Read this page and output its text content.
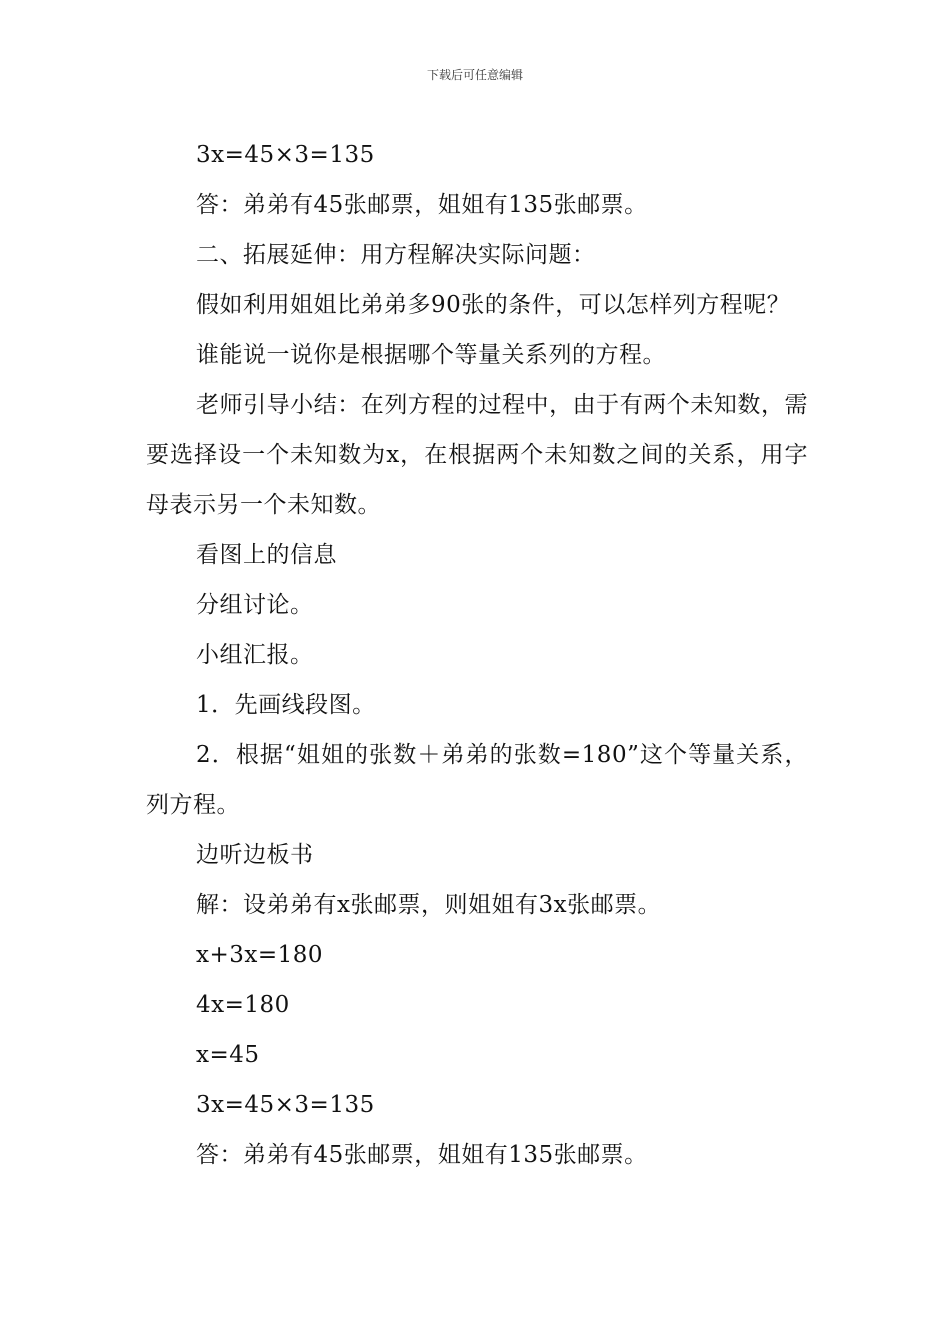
下载后可任意编辑

3x=45×3=135

答：弟弟有45张邮票，姐姐有135张邮票。

二、拓展延伸：用方程解决实际问题：

假如利用姐姐比弟弟多90张的条件，可以怎样列方程呢？

谁能说一说你是根据哪个等量关系列的方程。

老师引导小结：在列方程的过程中，由于有两个未知数，需要选择设一个未知数为x，在根据两个未知数之间的关系，用字母表示另一个未知数。

看图上的信息

分组讨论。

小组汇报。

1．先画线段图。

2．根据“姐姐的张数＋弟弟的张数=180”这个等量关系，列方程。

边听边板书

解：设弟弟有x张邮票，则姐姐有3x张邮票。

x+3x=180

4x=180

x=45

3x=45×3=135

答：弟弟有45张邮票，姐姐有135张邮票。
